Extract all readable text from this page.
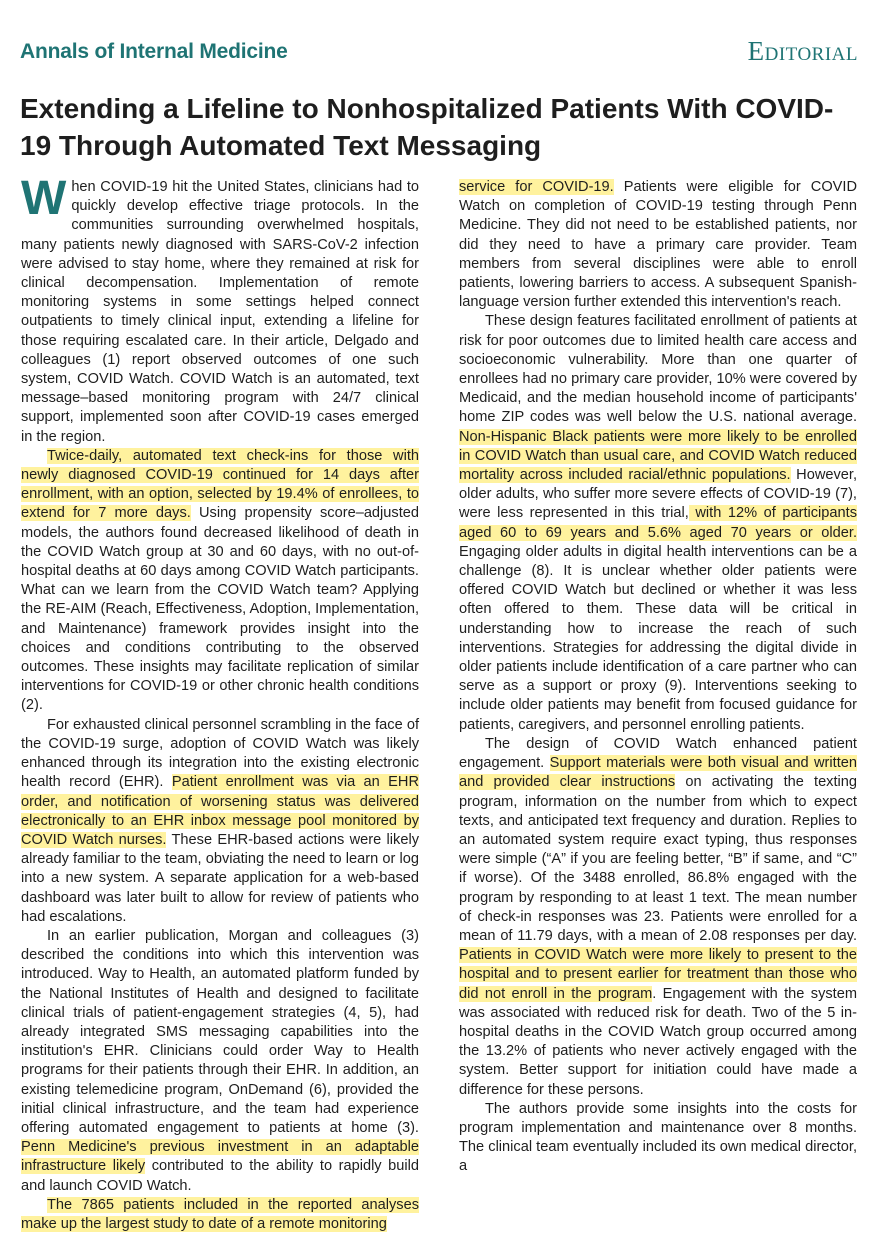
Annals of Internal Medicine	Editorial
Extending a Lifeline to Nonhospitalized Patients With COVID-19 Through Automated Text Messaging

When COVID-19 hit the United States, clinicians had to quickly develop effective triage protocols. In the communities surrounding overwhelmed hospitals, many patients newly diagnosed with SARS-CoV-2 infection were advised to stay home, where they remained at risk for clinical decompensation. Implementation of remote monitoring systems in some settings helped connect outpatients to timely clinical input, extending a lifeline for those requiring escalated care. In their article, Delgado and colleagues (1) report observed outcomes of one such system, COVID Watch. COVID Watch is an automated, text message–based monitoring program with 24/7 clinical support, implemented soon after COVID-19 cases emerged in the region.

Twice-daily, automated text check-ins for those with newly diagnosed COVID-19 continued for 14 days after enrollment, with an option, selected by 19.4% of enrollees, to extend for 7 more days. Using propensity score–adjusted models, the authors found decreased likelihood of death in the COVID Watch group at 30 and 60 days, with no out-of-hospital deaths at 60 days among COVID Watch participants. What can we learn from the COVID Watch team? Applying the RE-AIM (Reach, Effectiveness, Adoption, Implementation, and Maintenance) framework provides insight into the choices and conditions contributing to the observed outcomes. These insights may facilitate replication of similar interventions for COVID-19 or other chronic health conditions (2).

For exhausted clinical personnel scrambling in the face of the COVID-19 surge, adoption of COVID Watch was likely enhanced through its integration into the existing electronic health record (EHR). Patient enrollment was via an EHR order, and notification of worsening status was delivered electronically to an EHR inbox message pool monitored by COVID Watch nurses. These EHR-based actions were likely already familiar to the team, obviating the need to learn or log into a new system. A separate application for a web-based dashboard was later built to allow for review of patients who had escalations.

In an earlier publication, Morgan and colleagues (3) described the conditions into which this intervention was introduced. Way to Health, an automated platform funded by the National Institutes of Health and designed to facilitate clinical trials of patient-engagement strategies (4, 5), had already integrated SMS messaging capabilities into the institution's EHR. Clinicians could order Way to Health programs for their patients through their EHR. In addition, an existing telemedicine program, OnDemand (6), provided the initial clinical infrastructure, and the team had experience offering automated engagement to patients at home (3). Penn Medicine's previous investment in an adaptable infrastructure likely contributed to the ability to rapidly build and launch COVID Watch.

The 7865 patients included in the reported analyses make up the largest study to date of a remote monitoring

service for COVID-19. Patients were eligible for COVID Watch on completion of COVID-19 testing through Penn Medicine. They did not need to be established patients, nor did they need to have a primary care provider. Team members from several disciplines were able to enroll patients, lowering barriers to access. A subsequent Spanish-language version further extended this intervention's reach.

These design features facilitated enrollment of patients at risk for poor outcomes due to limited health care access and socioeconomic vulnerability. More than one quarter of enrollees had no primary care provider, 10% were covered by Medicaid, and the median household income of participants' home ZIP codes was well below the U.S. national average. Non-Hispanic Black patients were more likely to be enrolled in COVID Watch than usual care, and COVID Watch reduced mortality across included racial/ethnic populations. However, older adults, who suffer more severe effects of COVID-19 (7), were less represented in this trial, with 12% of participants aged 60 to 69 years and 5.6% aged 70 years or older. Engaging older adults in digital health interventions can be a challenge (8). It is unclear whether older patients were offered COVID Watch but declined or whether it was less often offered to them. These data will be critical in understanding how to increase the reach of such interventions. Strategies for addressing the digital divide in older patients include identification of a care partner who can serve as a support or proxy (9). Interventions seeking to include older patients may benefit from focused guidance for patients, caregivers, and personnel enrolling patients.

The design of COVID Watch enhanced patient engagement. Support materials were both visual and written and provided clear instructions on activating the texting program, information on the number from which to expect texts, and anticipated text frequency and duration. Replies to an automated system require exact typing, thus responses were simple (“A” if you are feeling better, “B” if same, and “C” if worse). Of the 3488 enrolled, 86.8% engaged with the program by responding to at least 1 text. The mean number of check-in responses was 23. Patients were enrolled for a mean of 11.79 days, with a mean of 2.08 responses per day. Patients in COVID Watch were more likely to present to the hospital and to present earlier for treatment than those who did not enroll in the program. Engagement with the system was associated with reduced risk for death. Two of the 5 in-hospital deaths in the COVID Watch group occurred among the 13.2% of patients who never actively engaged with the system. Better support for initiation could have made a difference for these persons.

The authors provide some insights into the costs for program implementation and maintenance over 8 months. The clinical team eventually included its own medical director, a
